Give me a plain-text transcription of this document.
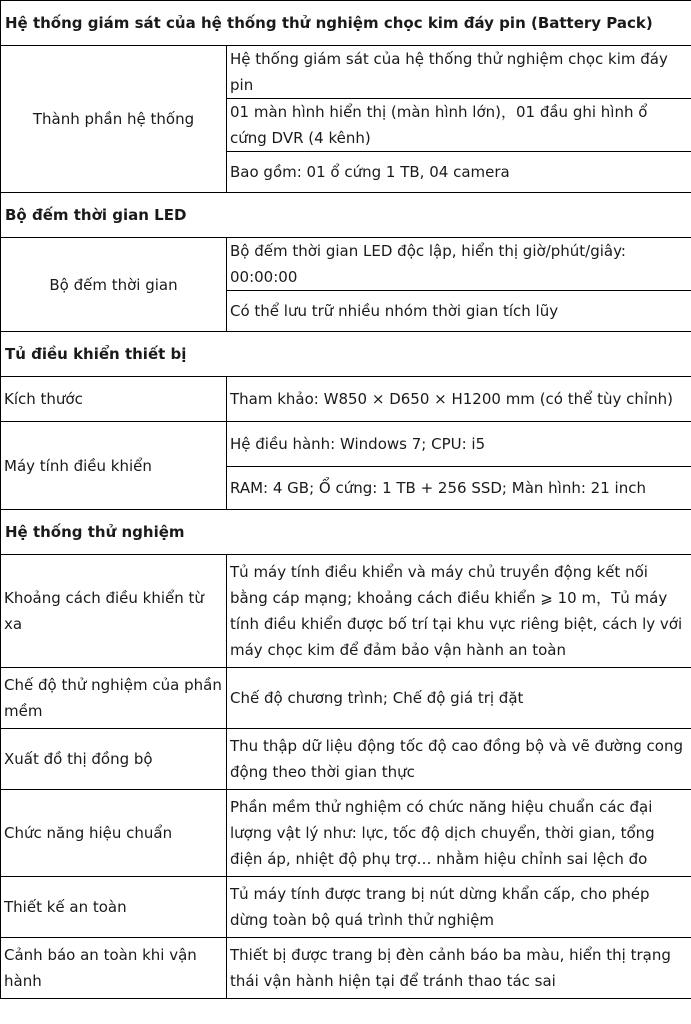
Hệ thống giám sát của hệ thống thử nghiệm chọc kim đáy pin (Battery Pack)	
Thành phần hệ thống	Hệ thống giám sát của hệ thống thử nghiệm chọc kim đáy pin
	01 màn hình hiển thị (màn hình lớn)，01 đầu ghi hình ổ cứng DVR (4 kênh)
	Bao gồm: 01 ổ cứng 1 TB, 04 camera
Bộ đếm thời gian LED	
Bộ đếm thời gian	Bộ đếm thời gian LED độc lập, hiển thị giờ/phút/giây: 00:00:00
	Có thể lưu trữ nhiều nhóm thời gian tích lũy
Tủ điều khiển thiết bị	
Kích thước	Tham khảo: W850 × D650 × H1200 mm (có thể tùy chỉnh)
Máy tính điều khiển	Hệ điều hành: Windows 7; CPU: i5
	RAM: 4 GB; Ổ cứng: 1 TB + 256 SSD; Màn hình: 21 inch
Hệ thống thử nghiệm	
Khoảng cách điều khiển từ xa	Tủ máy tính điều khiển và máy chủ truyền động kết nối bằng cáp mạng; khoảng cách điều khiển ⩾ 10 m，Tủ máy tính điều khiển được bố trí tại khu vực riêng biệt, cách ly với máy chọc kim để đảm bảo vận hành an toàn
Chế độ thử nghiệm của phần mềm	Chế độ chương trình; Chế độ giá trị đặt
Xuất đồ thị đồng bộ	Thu thập dữ liệu động tốc độ cao đồng bộ và vẽ đường cong động theo thời gian thực
Chức năng hiệu chuẩn	Phần mềm thử nghiệm có chức năng hiệu chuẩn các đại lượng vật lý như: lực, tốc độ dịch chuyển, thời gian, tổng điện áp, nhiệt độ phụ trợ… nhằm hiệu chỉnh sai lệch đo
Thiết kế an toàn	Tủ máy tính được trang bị nút dừng khẩn cấp, cho phép dừng toàn bộ quá trình thử nghiệm
Cảnh báo an toàn khi vận hành	Thiết bị được trang bị đèn cảnh báo ba màu, hiển thị trạng thái vận hành hiện tại để tránh thao tác sai
